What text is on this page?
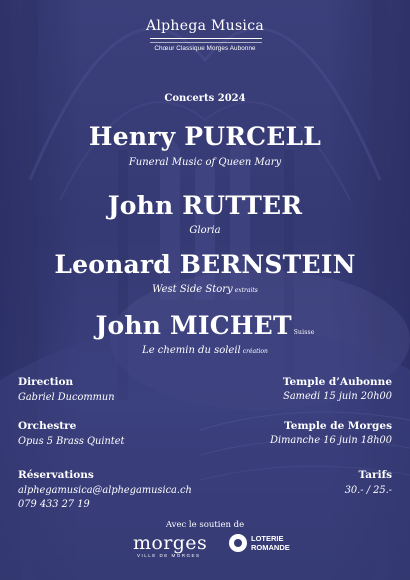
Alphega Musica
Chœur Classique Morges Aubonne
Concerts 2024
Henry PURCELL
Funeral Music of Queen Mary
John RUTTER
Gloria
Leonard BERNSTEIN
West Side Story extraits
John MICHET Suisse
Le chemin du soleil création
Direction
Gabriel Ducommun
Orchestre
Opus 5 Brass Quintet
Réservations
alphegamusica@alphegamusica.ch
079 433 27 19
Temple d’Aubonne
Samedi 15 juin 20h00
Temple de Morges
Dimanche 16 juin 18h00
Tarifs
30.- / 25.-
Avec le soutien de
morges
VILLE DE MORGES
LOTERIE
ROMANDE
